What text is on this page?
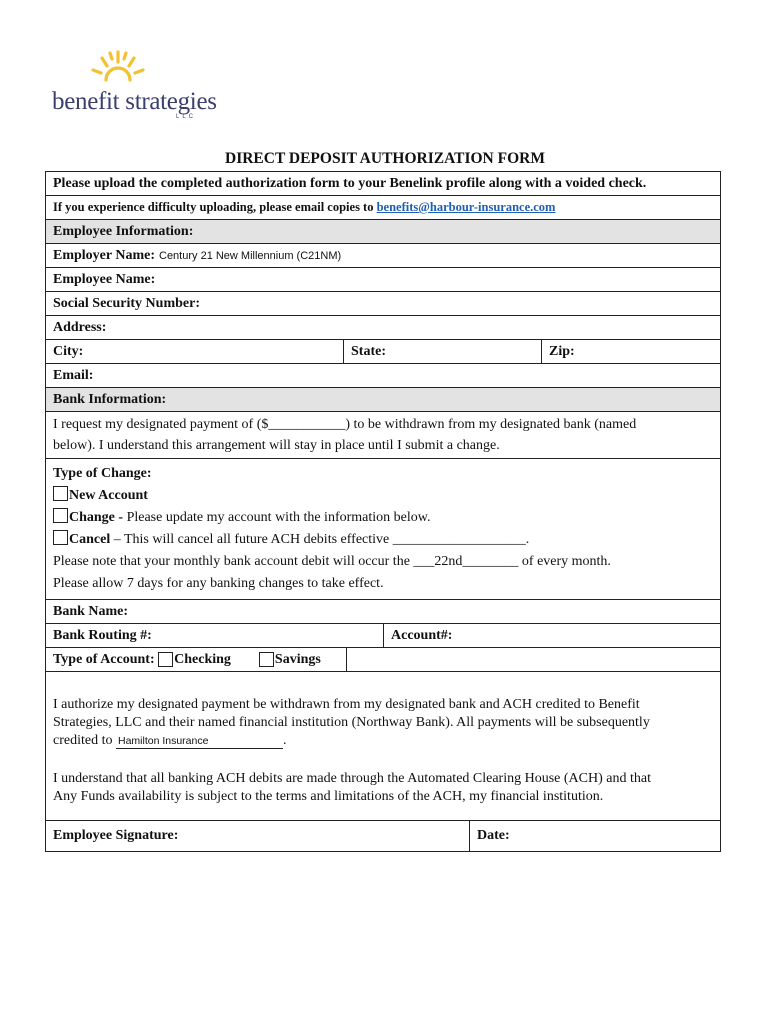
benefit strategies
LLC
DIRECT DEPOSIT AUTHORIZATION FORM
Please upload the completed authorization form to your Benelink profile along with a voided check.
If you experience difficulty uploading, please email copies to
benefits@harbour-insurance.com
Employee Information:
Employer Name: Century 21 New Millennium (C21NM)
Employee Name:
Social Security Number:
Address:
City:	State:	Zip:
Email:
Bank Information:
I request my designated payment of ($___________) to be withdrawn from my designated bank (named
below). I understand this arrangement will stay in place until I submit a change.
Type of Change:
New Account
Change - Please update my account with the information below.
Cancel – This will cancel all future ACH debits effective ___________________.
Please note that your monthly bank account debit will occur the ___22nd________ of every month.
Please allow 7 days for any banking changes to take effect.
Bank Name:
Bank Routing #:	Account#:
Type of Account:
Checking	Savings
I authorize my designated payment be withdrawn from my designated bank and ACH credited to Benefit
Strategies, LLC and their named financial institution (Northway Bank). All payments will be subsequently
credited to Hamilton Insurance	.
I understand that all banking ACH debits are made through the Automated Clearing House (ACH) and that
Any Funds availability is subject to the terms and limitations of the ACH, my financial institution.
Employee Signature:	Date:
